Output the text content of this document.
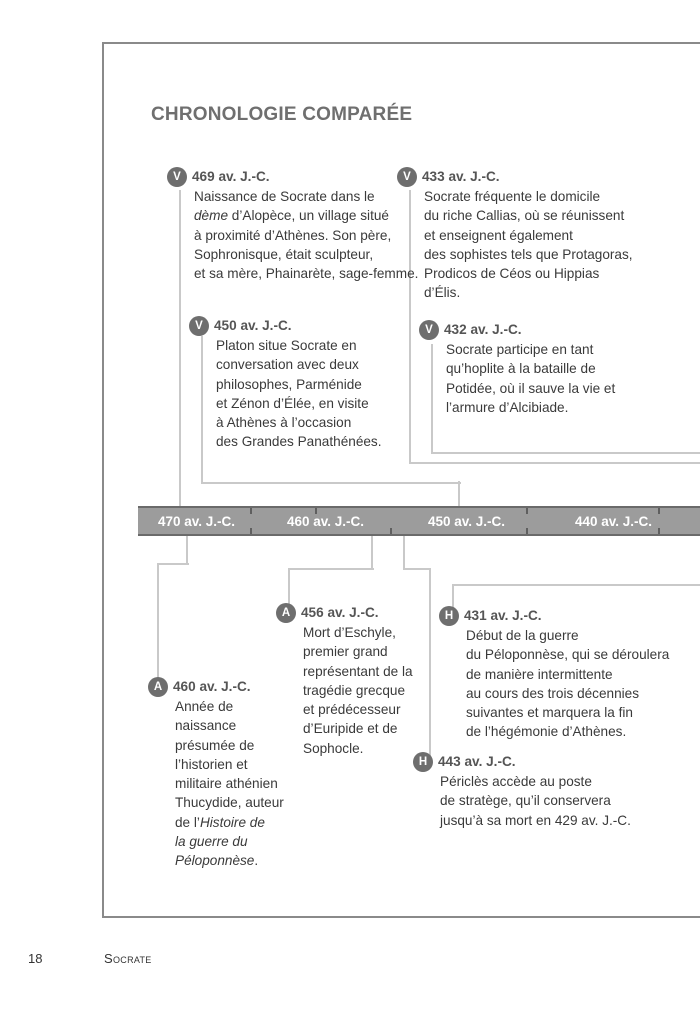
CHRONOLOGIE COMPARÉE
470 av. J.-C.	460 av. J.-C.	450 av. J.-C.	440 av. J.-C.
V 469 av. J.-C.
Naissance de Socrate dans le
dème d’Alopèce, un village situé
à proximité d’Athènes. Son père,
Sophronisque, était sculpteur,
et sa mère, Phainarète, sage-femme.
V 433 av. J.-C.
Socrate fréquente le domicile
du riche Callias, où se réunissent
et enseignent également
des sophistes tels que Protagoras,
Prodicos de Céos ou Hippias
d’Élis.
V 450 av. J.-C.
Platon situe Socrate en
conversation avec deux
philosophes, Parménide
et Zénon d’Élée, en visite
à Athènes à l’occasion
des Grandes Panathénées.
V 432 av. J.-C.
Socrate participe en tant
qu’hoplite à la bataille de
Potidée, où il sauve la vie et
l’armure d’Alcibiade.
A 456 av. J.-C.
Mort d’Eschyle,
premier grand
représentant de la
tragédie grecque
et prédécesseur
d’Euripide et de
Sophocle.
H 431 av. J.-C.
Début de la guerre
du Péloponnèse, qui se déroulera
de manière intermittente
au cours des trois décennies
suivantes et marquera la fin
de l’hégémonie d’Athènes.
A 460 av. J.-C.
Année de
naissance
présumée de
l’historien et
militaire athénien
Thucydide, auteur
de l’Histoire de
la guerre du
Péloponnèse.
H 443 av. J.-C.
Périclès accède au poste
de stratège, qu’il conservera
jusqu’à sa mort en 429 av. J.-C.
18	Socrate
